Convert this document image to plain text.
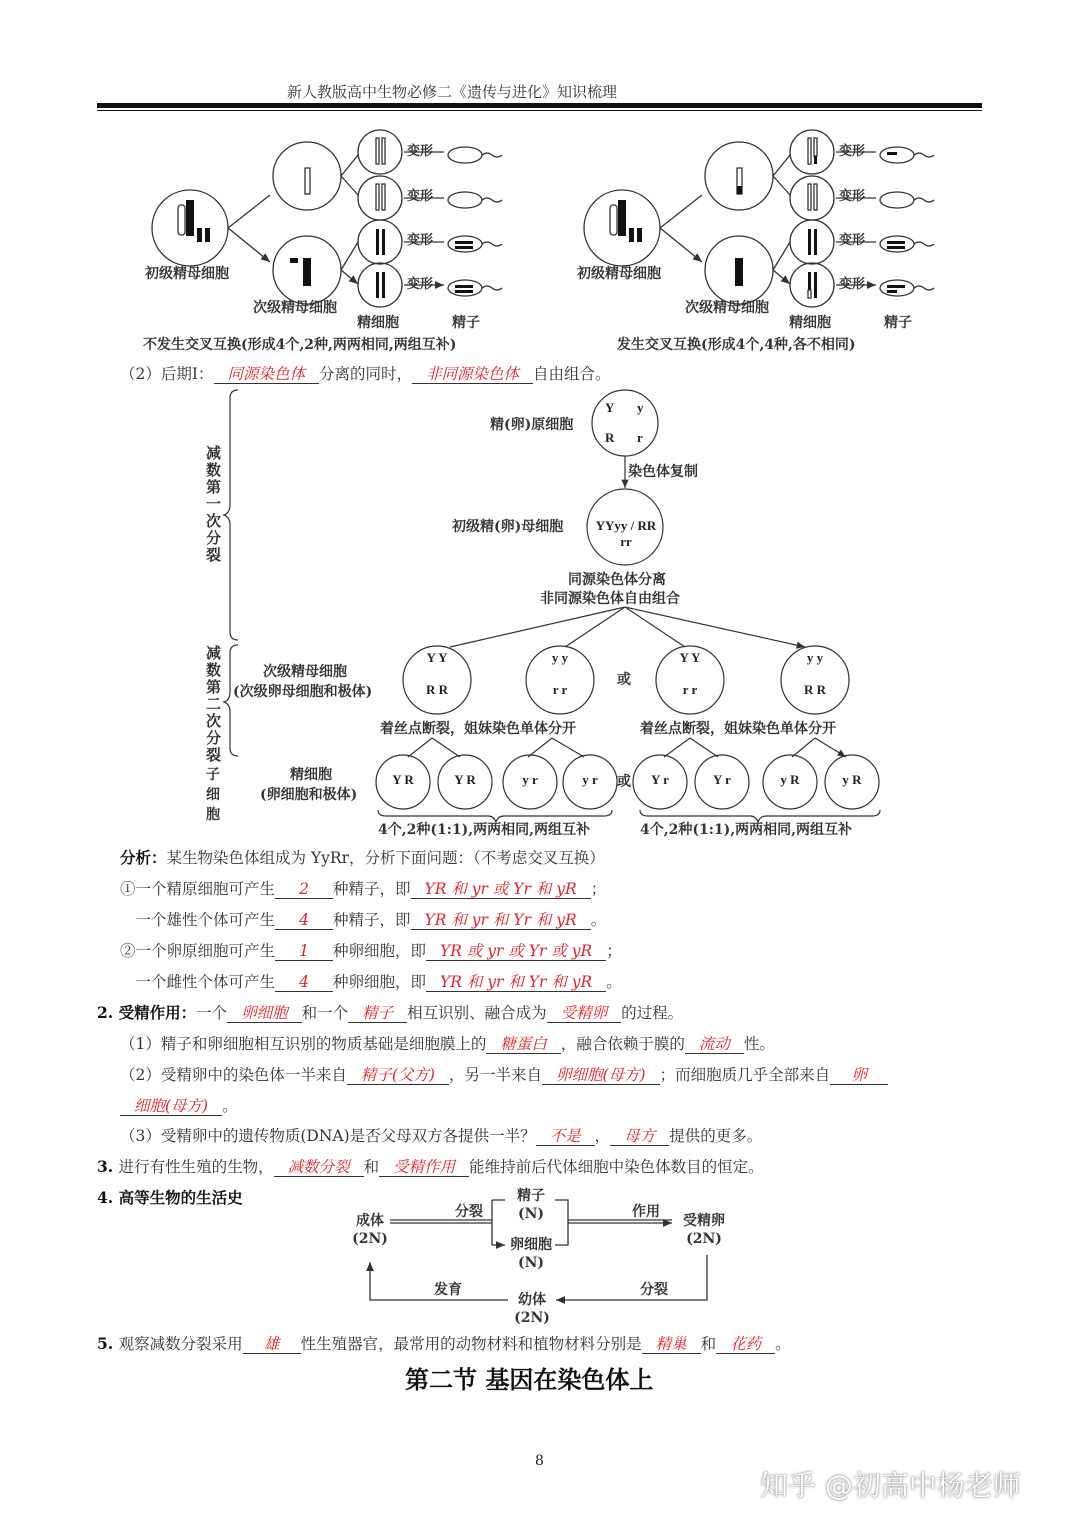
新人教版高中生物必修二《遗传与进化》知识梳理
初级精母细胞
次级精母细胞
精细胞	精子
变形
变形
变形
变形
初级精母细胞
次级精母细胞
精细胞	精子
变形
变形
变形
变形
不发生交叉互换(形成4个,2种,两两相同,两组互补)	发生交叉互换(形成4个,4种,各不相同)
减数第一次分裂
减数第二次分裂
子细胞
精(卵)原细胞
Y y
R r
染色体复制
初级精(卵)母细胞	YYyy / RR rr
同源染色体分离
非同源染色体自由组合
次级精母细胞
(次级卵母细胞和极体)
Y Y
R R
y y
r r
Y Y
r r
y y
R R
或
着丝点断裂，姐妹染色单体分开	着丝点断裂，姐妹染色单体分开
精细胞
(卵细胞和极体)
Y R	Y R	y r	y r	Y r	Y r	y R	y R
或
4个,2种(1:1),两两相同,两组互补	4个,2种(1:1),两两相同,两组互补
（2）后期Ⅰ： 同源染色体 分离的同时， 非同源染色体 自由组合。
分析：某生物染色体组成为 YyRr，分析下面问题：（不考虑交叉互换）
①一个精原细胞可产生 2 种精子，即 YR 和 yr 或 Yr 和 yR ；
　一个雄性个体可产生 4 种精子，即 YR 和 yr 和 Yr 和 yR 。
②一个卵原细胞可产生 1 种卵细胞，即 YR 或 yr 或 Yr 或 yR ；
　一个雌性个体可产生 4 种卵细胞，即 YR 和 yr 和 Yr 和 yR 。
2. 受精作用：一个 卵细胞 和一个 精子 相互识别、融合成为 受精卵 的过程。
（1）精子和卵细胞相互识别的物质基础是细胞膜上的 糖蛋白 ，融合依赖于膜的 流动 性。
（2）受精卵中的染色体一半来自 精子(父方) ，另一半来自 卵细胞(母方) ；而细胞质几乎全部来自 卵
细胞(母方) 。
（3）受精卵中的遗传物质(DNA)是否父母双方各提供一半？ 不是 ， 母方 提供的更多。
3. 进行有性生殖的生物， 减数分裂 和 受精作用 能维持前后代体细胞中染色体数目的恒定。
4. 高等生物的生活史
5. 观察减数分裂采用 雄 性生殖器官，最常用的动物材料和植物材料分别是 精巢 和 花药 。
成体
(2N)
精子
(N)
卵细胞
(N)
受精卵
(2N)
幼体
(2N)
分裂	作用
发育	分裂
第二节 基因在染色体上
8
知乎 @初高中杨老师
